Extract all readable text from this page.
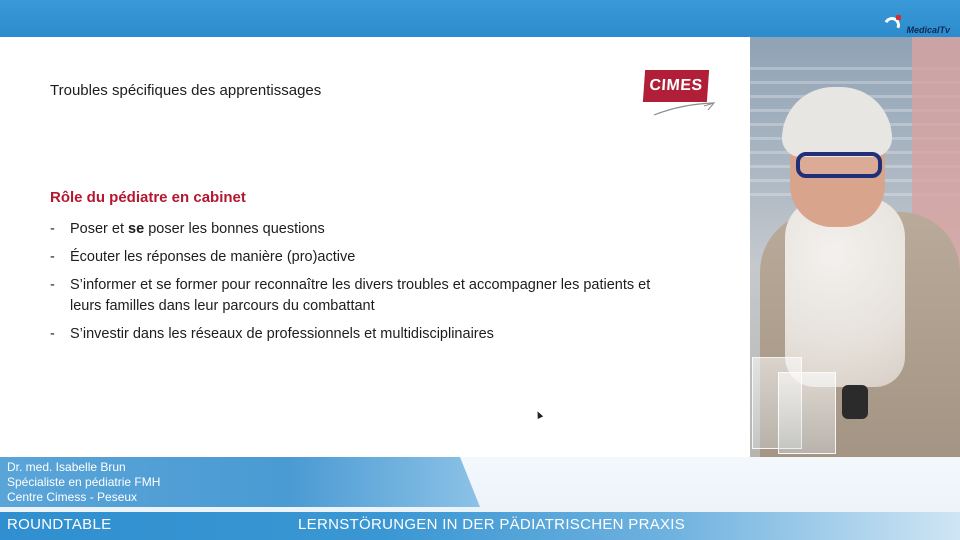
MedicalTv
Troubles spécifiques des apprentissages	CIMES
Rôle du pédiatre en cabinet
- Poser et se poser les bonnes questions
- Écouter les réponses de manière (pro)active
- S’informer et se former pour reconnaître les divers troubles et accompagner les patients et leurs familles dans leur parcours du combattant
- S’investir dans les réseaux de professionnels et multidisciplinaires
Dr. med. Isabelle Brun
Spécialiste en pédiatrie FMH
Centre Cimess - Peseux
ROUNDTABLE	LERNSTÖRUNGEN IN DER PÄDIATRISCHEN PRAXIS
